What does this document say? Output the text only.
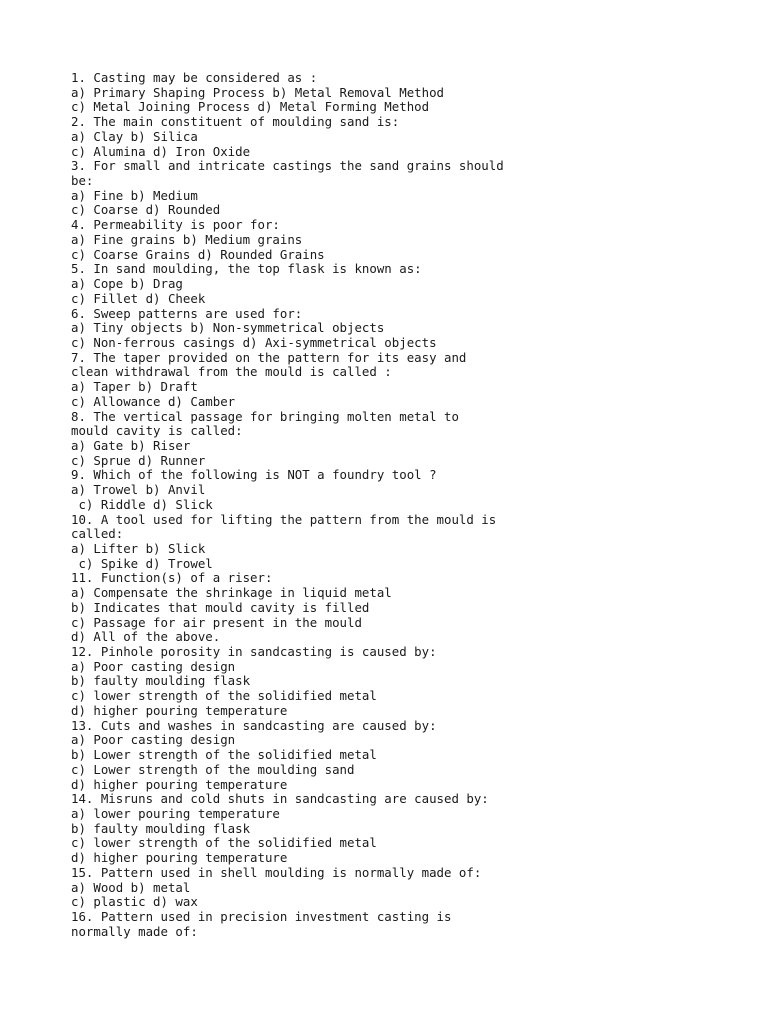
1. Casting may be considered as :
a) Primary Shaping Process b) Metal Removal Method
c) Metal Joining Process d) Metal Forming Method
2. The main constituent of moulding sand is:
a) Clay b) Silica
c) Alumina d) Iron Oxide
3. For small and intricate castings the sand grains should
be:
a) Fine b) Medium
c) Coarse d) Rounded
4. Permeability is poor for:
a) Fine grains b) Medium grains
c) Coarse Grains d) Rounded Grains
5. In sand moulding, the top flask is known as:
a) Cope b) Drag
c) Fillet d) Cheek
6. Sweep patterns are used for:
a) Tiny objects b) Non-symmetrical objects
c) Non-ferrous casings d) Axi-symmetrical objects
7. The taper provided on the pattern for its easy and
clean withdrawal from the mould is called :
a) Taper b) Draft
c) Allowance d) Camber
8. The vertical passage for bringing molten metal to
mould cavity is called:
a) Gate b) Riser
c) Sprue d) Runner
9. Which of the following is NOT a foundry tool ?
a) Trowel b) Anvil
c) Riddle d) Slick
10. A tool used for lifting the pattern from the mould is
called:
a) Lifter b) Slick
c) Spike d) Trowel
11. Function(s) of a riser:
a) Compensate the shrinkage in liquid metal
b) Indicates that mould cavity is filled
c) Passage for air present in the mould
d) All of the above.
12. Pinhole porosity in sandcasting is caused by:
a) Poor casting design
b) faulty moulding flask
c) lower strength of the solidified metal
d) higher pouring temperature
13. Cuts and washes in sandcasting are caused by:
a) Poor casting design
b) Lower strength of the solidified metal
c) Lower strength of the moulding sand
d) higher pouring temperature
14. Misruns and cold shuts in sandcasting are caused by:
a) lower pouring temperature
b) faulty moulding flask
c) lower strength of the solidified metal
d) higher pouring temperature
15. Pattern used in shell moulding is normally made of:
a) Wood b) metal
c) plastic d) wax
16. Pattern used in precision investment casting is
normally made of:
